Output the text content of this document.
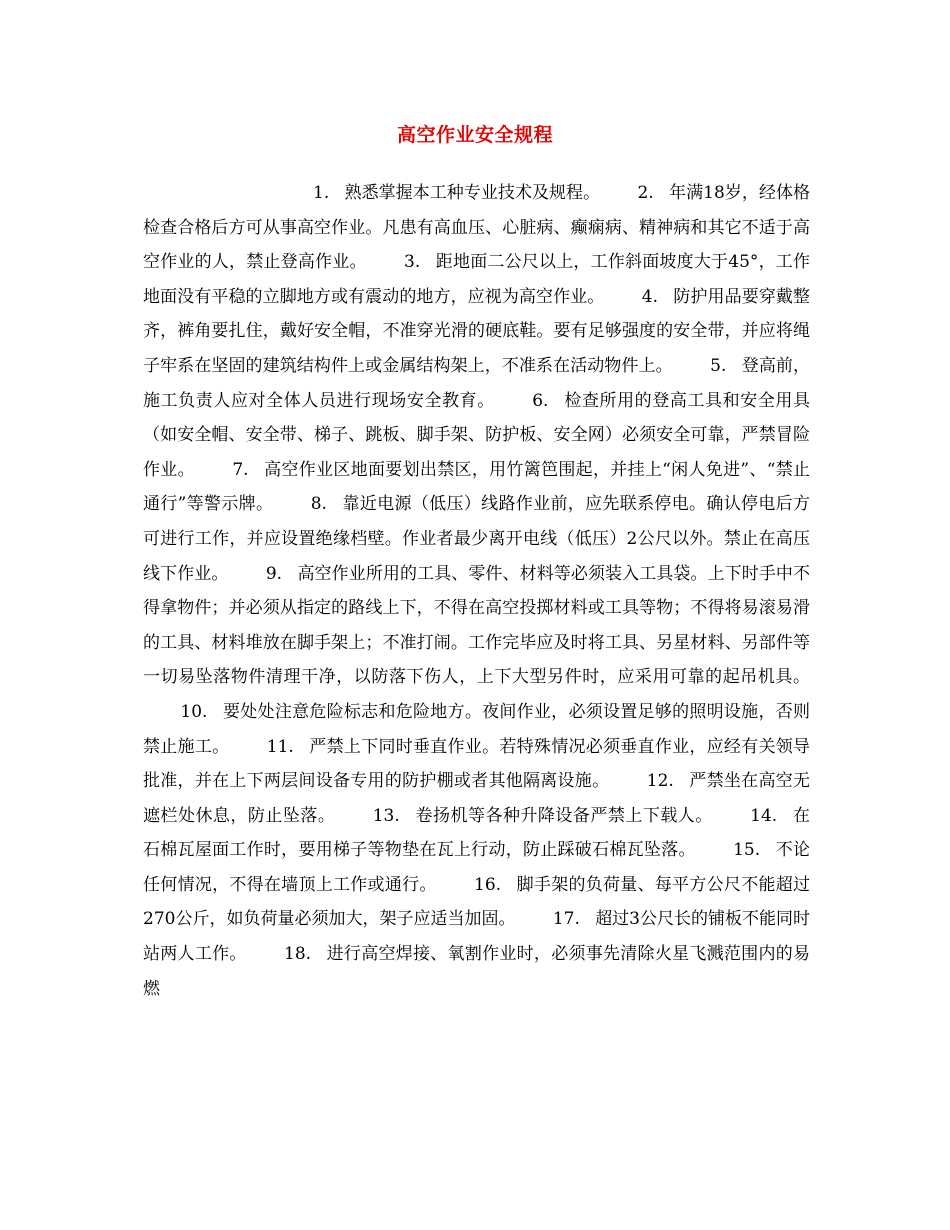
高空作业安全规程
1. 熟悉掌握本工种专业技术及规程。 2. 年满18岁，经体格检查合格后方可从事高空作业。凡患有高血压、心脏病、癫痫病、精神病和其它不适于高空作业的人，禁止登高作业。 3. 距地面二公尺以上，工作斜面坡度大于45°，工作地面没有平稳的立脚地方或有震动的地方，应视为高空作业。 4. 防护用品要穿戴整齐，裤角要扎住，戴好安全帽，不准穿光滑的硬底鞋。要有足够强度的安全带，并应将绳子牢系在坚固的建筑结构件上或金属结构架上，不准系在活动物件上。 5. 登高前，施工负责人应对全体人员进行现场安全教育。 6. 检查所用的登高工具和安全用具（如安全帽、安全带、梯子、跳板、脚手架、防护板、安全网）必须安全可靠，严禁冒险作业。 7. 高空作业区地面要划出禁区，用竹篱笆围起，并挂上“闲人免进”、“禁止通行”等警示牌。 8. 靠近电源（低压）线路作业前，应先联系停电。确认停电后方可进行工作，并应设置绝缘档壁。作业者最少离开电线（低压）2公尺以外。禁止在高压线下作业。 9. 高空作业所用的工具、零件、材料等必须装入工具袋。上下时手中不得拿物件；并必须从指定的路线上下，不得在高空投掷材料或工具等物；不得将易滚易滑的工具、材料堆放在脚手架上；不准打闹。工作完毕应及时将工具、另星材料、另部件等一切易坠落物件清理干净，以防落下伤人，上下大型另件时，应采用可靠的起吊机具。10. 要处处注意危险标志和危险地方。夜间作业，必须设置足够的照明设施，否则禁止施工。 11. 严禁上下同时垂直作业。若特殊情况必须垂直作业，应经有关领导批准，并在上下两层间设备专用的防护棚或者其他隔离设施。 12. 严禁坐在高空无遮栏处休息，防止坠落。 13. 卷扬机等各种升降设备严禁上下载人。 14. 在石棉瓦屋面工作时，要用梯子等物垫在瓦上行动，防止踩破石棉瓦坠落。 15. 不论任何情况，不得在墙顶上工作或通行。 16. 脚手架的负荷量、每平方公尺不能超过270公斤，如负荷量必须加大，架子应适当加固。 17. 超过3公尺长的铺板不能同时站两人工作。 18. 进行高空焊接、氧割作业时，必须事先清除火星飞溅范围内的易燃
